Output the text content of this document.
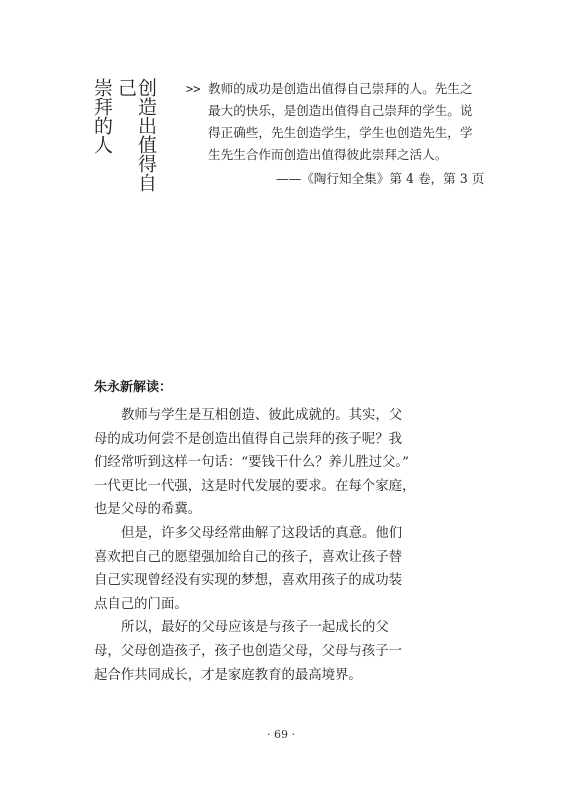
创造出值得自己
崇拜的人	>> 教师的成功是创造出值得自己崇拜的人。先生之
最大的快乐，是创造出值得自己崇拜的学生。说
得正确些，先生创造学生，学生也创造先生，学
生先生合作而创造出值得彼此崇拜之活人。
——《陶行知全集》第 4 卷，第 3 页
朱永新解读：
教师与学生是互相创造、彼此成就的。其实，父
母的成功何尝不是创造出值得自己崇拜的孩子呢？我
们经常听到这样一句话：“要钱干什么？养儿胜过父。”
一代更比一代强，这是时代发展的要求。在每个家庭，
也是父母的希冀。
但是，许多父母经常曲解了这段话的真意。他们
喜欢把自己的愿望强加给自己的孩子，喜欢让孩子替
自己实现曾经没有实现的梦想，喜欢用孩子的成功装
点自己的门面。
所以，最好的父母应该是与孩子一起成长的父
母，父母创造孩子，孩子也创造父母，父母与孩子一
起合作共同成长，才是家庭教育的最高境界。
· 69 ·
